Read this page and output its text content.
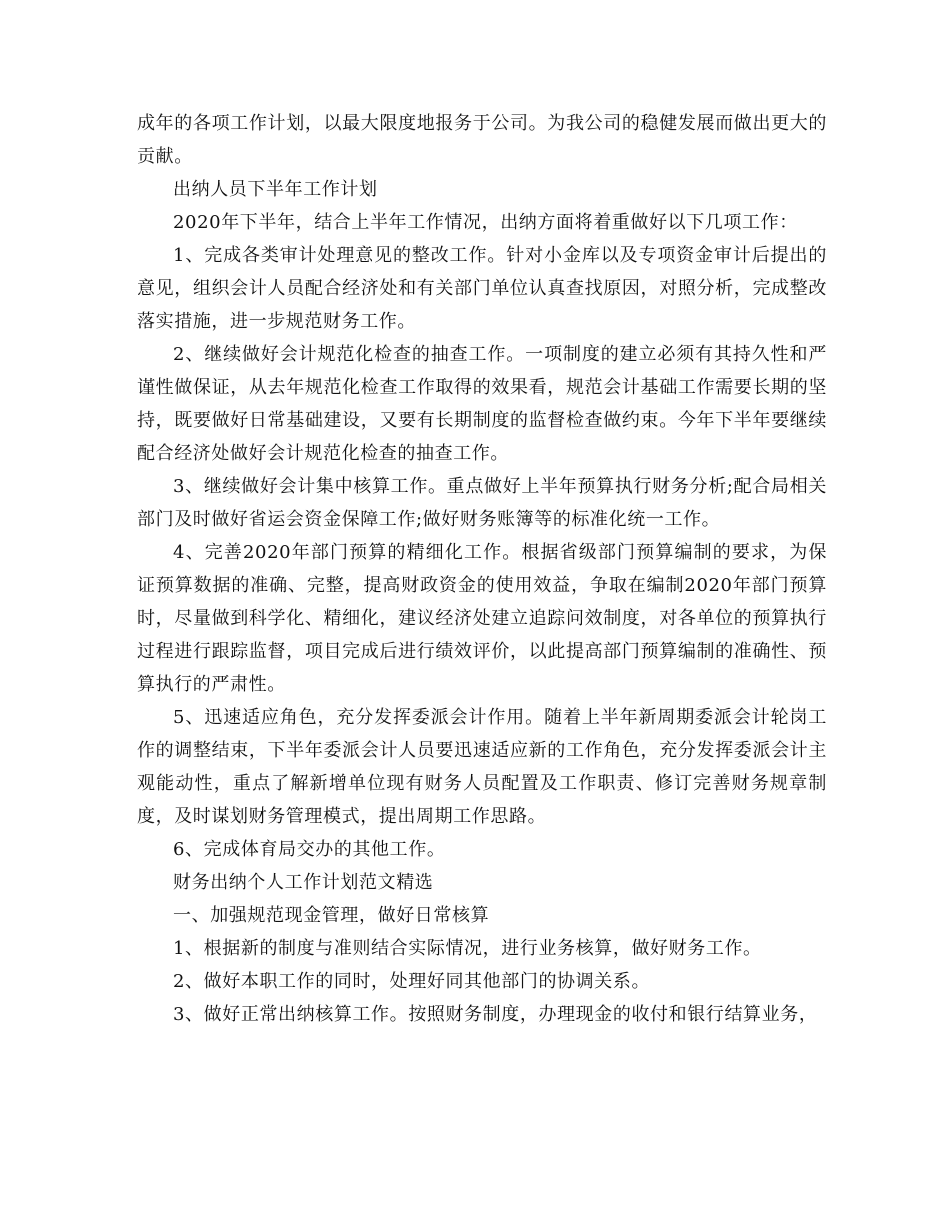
成年的各项工作计划，以最大限度地报务于公司。为我公司的稳健发展而做出更大的贡献。

出纳人员下半年工作计划

2020年下半年，结合上半年工作情况，出纳方面将着重做好以下几项工作：

1、完成各类审计处理意见的整改工作。针对小金库以及专项资金审计后提出的意见，组织会计人员配合经济处和有关部门单位认真查找原因，对照分析，完成整改落实措施，进一步规范财务工作。

2、继续做好会计规范化检查的抽查工作。一项制度的建立必须有其持久性和严谨性做保证，从去年规范化检查工作取得的效果看，规范会计基础工作需要长期的坚持，既要做好日常基础建设，又要有长期制度的监督检查做约束。今年下半年要继续配合经济处做好会计规范化检查的抽查工作。

3、继续做好会计集中核算工作。重点做好上半年预算执行财务分析;配合局相关部门及时做好省运会资金保障工作;做好财务账簿等的标准化统一工作。

4、完善2020年部门预算的精细化工作。根据省级部门预算编制的要求，为保证预算数据的准确、完整，提高财政资金的使用效益，争取在编制2020年部门预算时，尽量做到科学化、精细化，建议经济处建立追踪问效制度，对各单位的预算执行过程进行跟踪监督，项目完成后进行绩效评价，以此提高部门预算编制的准确性、预算执行的严肃性。

5、迅速适应角色，充分发挥委派会计作用。随着上半年新周期委派会计轮岗工作的调整结束，下半年委派会计人员要迅速适应新的工作角色，充分发挥委派会计主观能动性，重点了解新增单位现有财务人员配置及工作职责、修订完善财务规章制度，及时谋划财务管理模式，提出周期工作思路。

6、完成体育局交办的其他工作。

财务出纳个人工作计划范文精选

一、加强规范现金管理，做好日常核算

1、根据新的制度与准则结合实际情况，进行业务核算，做好财务工作。

2、做好本职工作的同时，处理好同其他部门的协调关系。

3、做好正常出纳核算工作。按照财务制度，办理现金的收付和银行结算业务，
